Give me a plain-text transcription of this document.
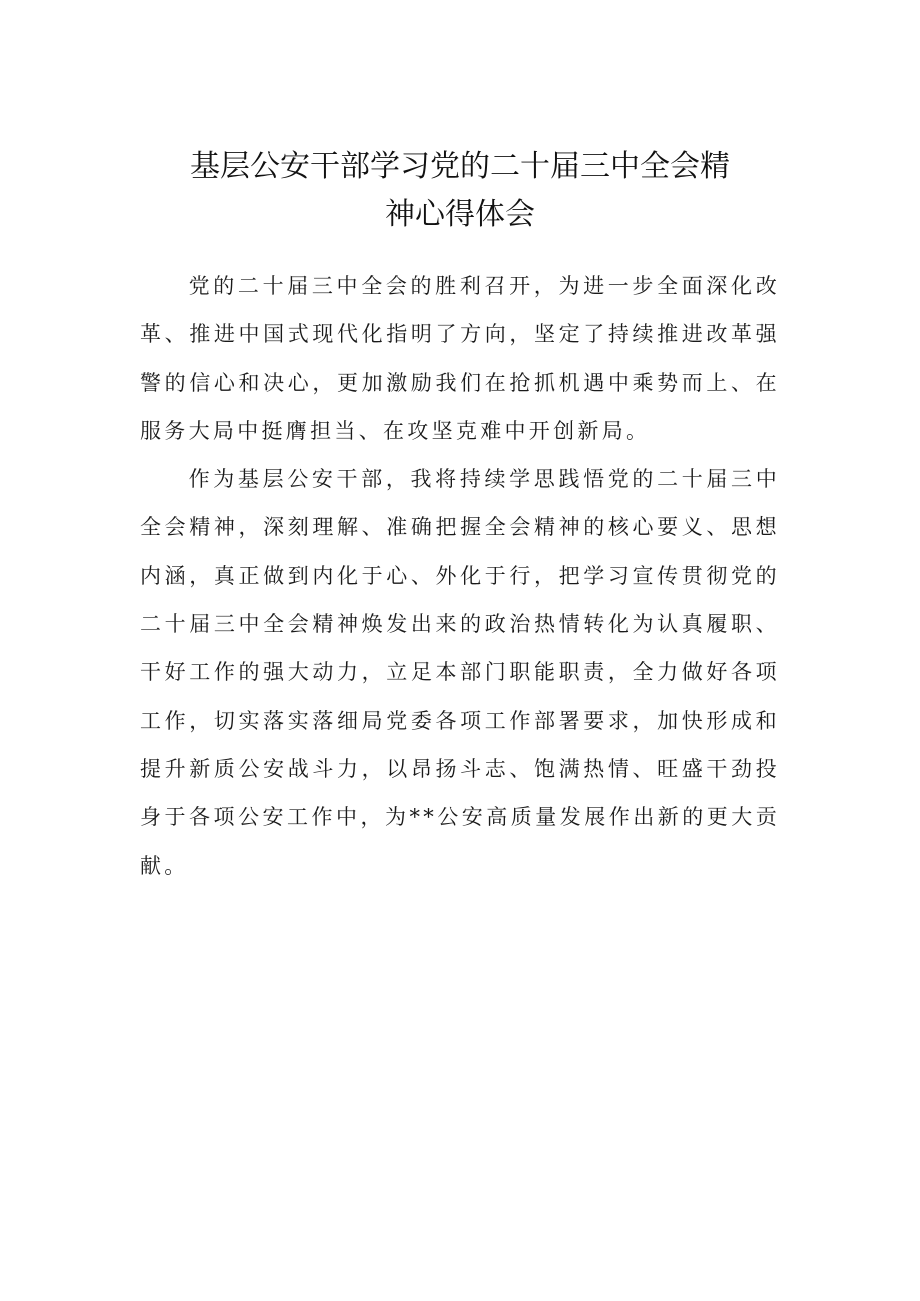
基层公安干部学习党的二十届三中全会精
神心得体会

党的二十届三中全会的胜利召开，为进一步全面深化改革、推进中国式现代化指明了方向，坚定了持续推进改革强警的信心和决心，更加激励我们在抢抓机遇中乘势而上、在服务大局中挺膺担当、在攻坚克难中开创新局。

作为基层公安干部，我将持续学思践悟党的二十届三中全会精神，深刻理解、准确把握全会精神的核心要义、思想内涵，真正做到内化于心、外化于行，把学习宣传贯彻党的二十届三中全会精神焕发出来的政治热情转化为认真履职、干好工作的强大动力，立足本部门职能职责，全力做好各项工作，切实落实落细局党委各项工作部署要求，加快形成和提升新质公安战斗力，以昂扬斗志、饱满热情、旺盛干劲投身于各项公安工作中，为**公安高质量发展作出新的更大贡献。
